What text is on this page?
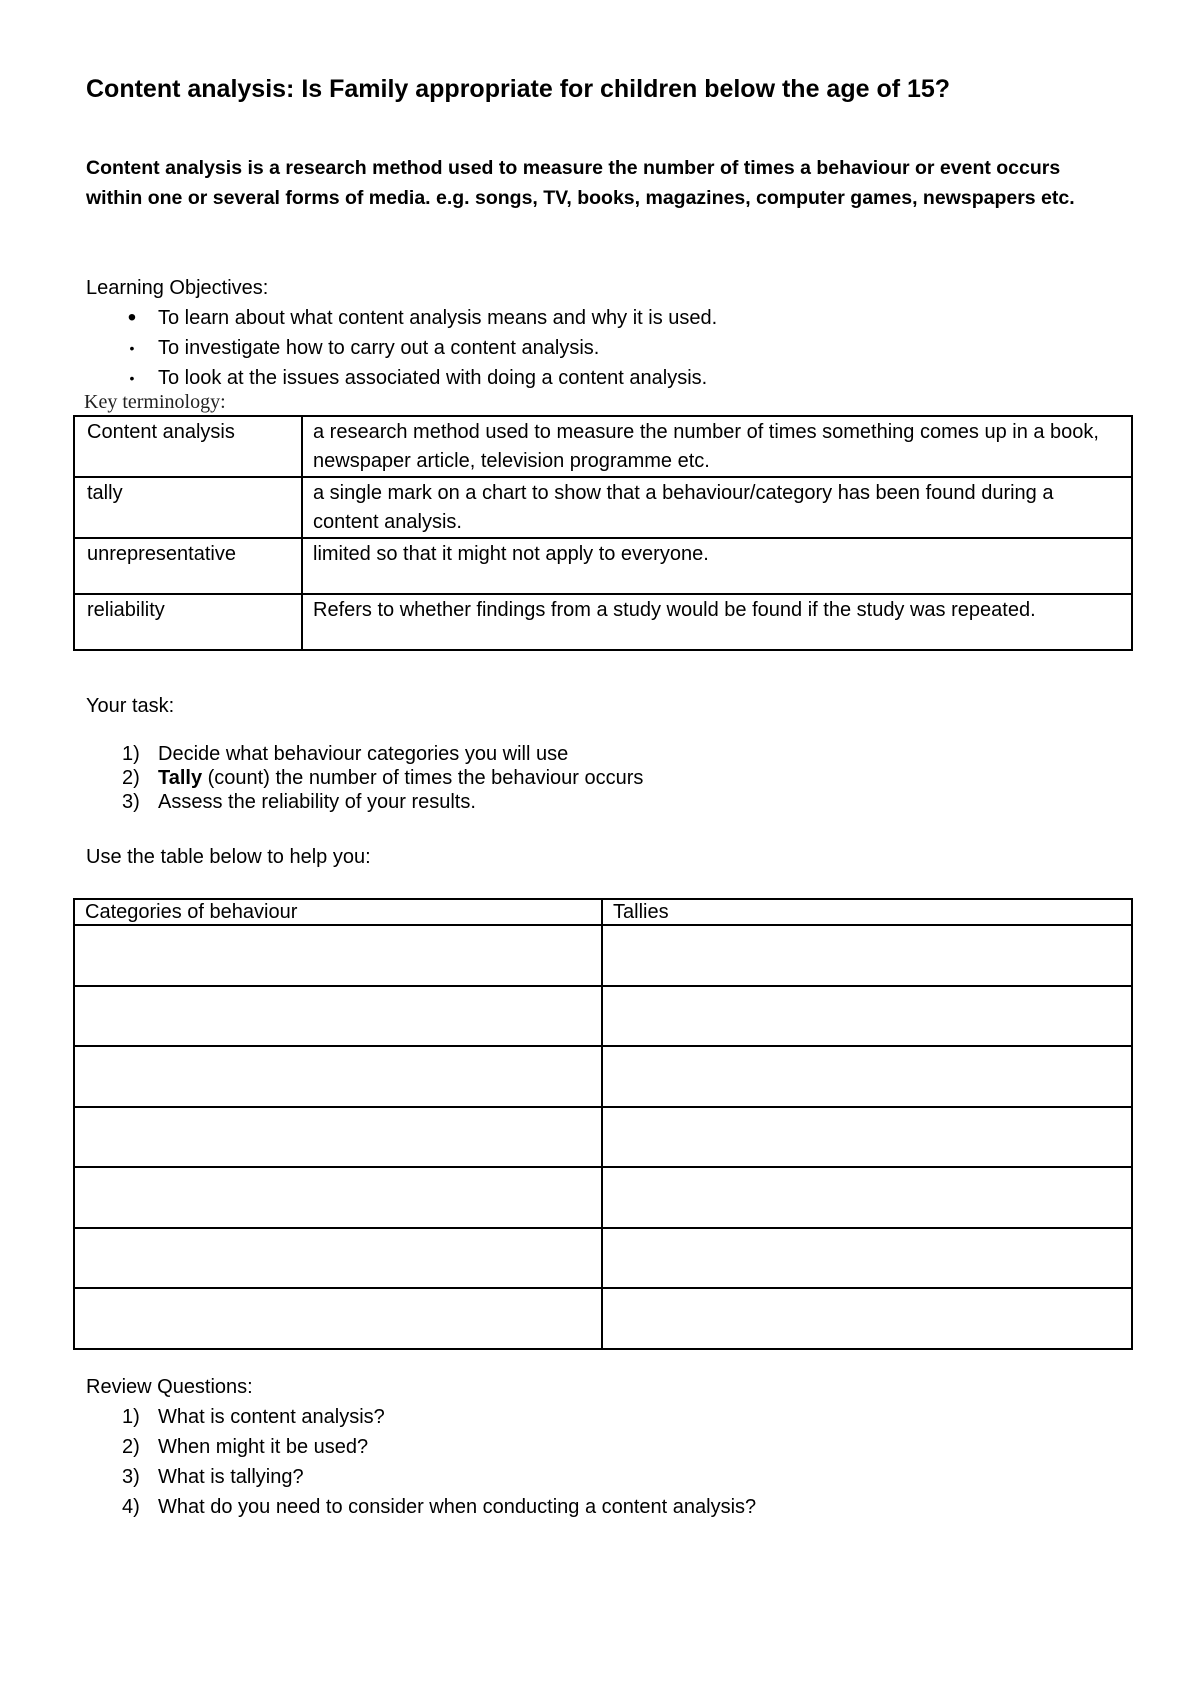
Content analysis: Is Family appropriate for children below the age of 15?

Content analysis is a research method used to measure the number of times a behaviour or event occurs within one or several forms of media. e.g. songs, TV, books, magazines, computer games, newspapers etc.

Learning Objectives:

• To learn about what content analysis means and why it is used.
•	To investigate how to carry out a content analysis.
•	To look at the issues associated with doing a content analysis.

Key terminology:

Content analysis	a research method used to measure the number of times something comes up in a book, newspaper article, television programme etc.
tally	a single mark on a chart to show that a behaviour/category has been found during a content analysis.
unrepresentative	limited so that it might not apply to everyone.
reliability	Refers to whether findings from a study would be found if the study was repeated.

Your task:

1) Decide what behaviour categories you will use
2) Tally (count) the number of times the behaviour occurs
3) Assess the reliability of your results.

Use the table below to help you:

Categories of behaviour	Tallies

Review Questions:

1) What is content analysis?
2) When might it be used?
3) What is tallying?
4) What do you need to consider when conducting a content analysis?
